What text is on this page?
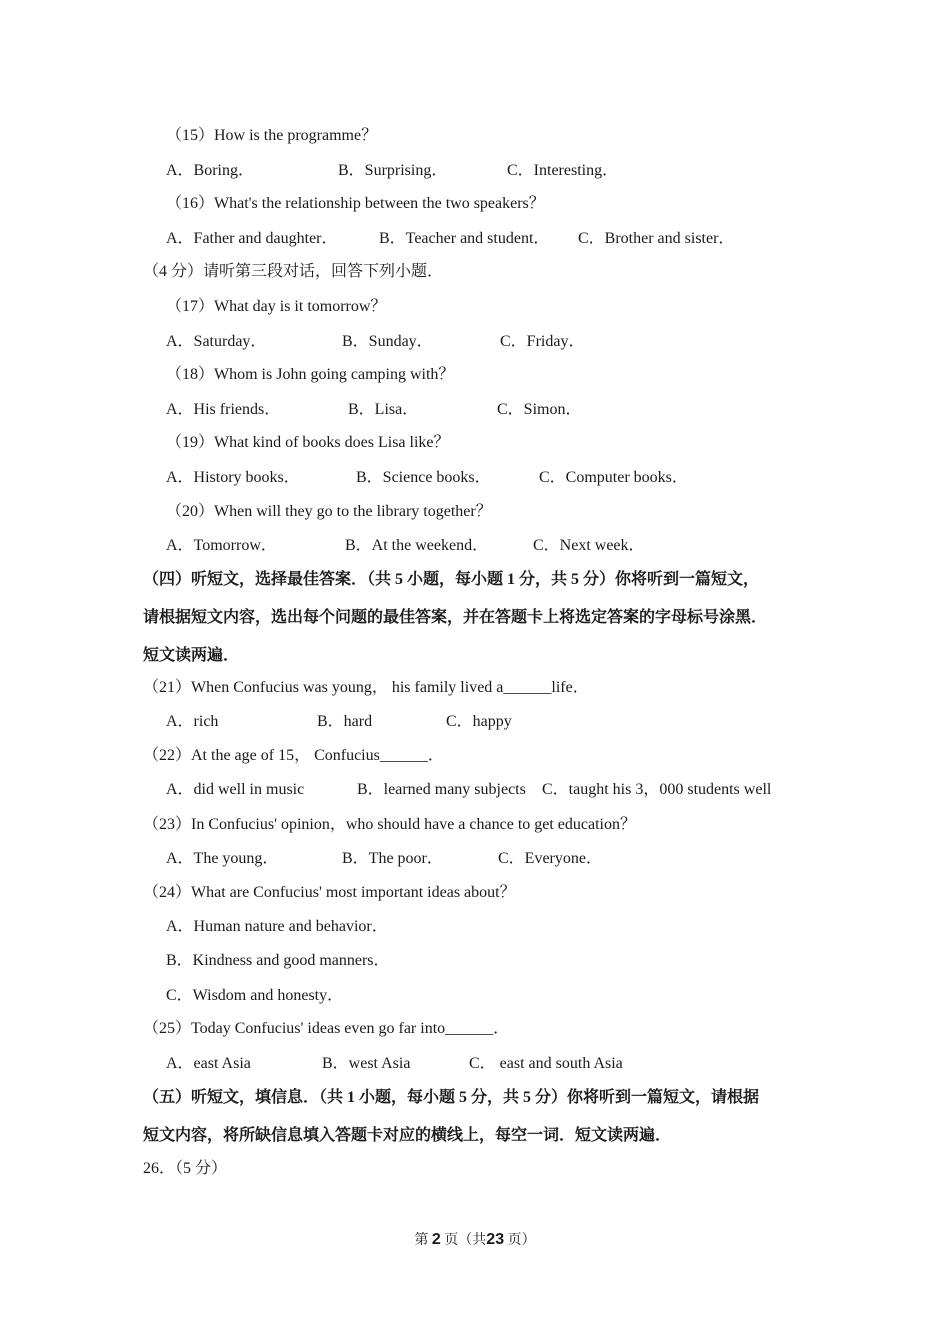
（15）How is the programme？
A．Boring．	B．Surprising．	C．Interesting．
（16）What's the relationship between the two speakers？
A．Father and daughter．	B．Teacher and student． C．Brother and sister．
（4 分）请听第三段对话，回答下列小题．
（17）What day is it tomorrow？
A．Saturday．	B．Sunday．	C．Friday．
（18）Whom is John going camping with？
A．His friends．	B．Lisa．	C．Simon．
（19）What kind of books does Lisa like？
A．History books．	B．Science books．	C．Computer books．
（20）When will they go to the library together？
A．Tomorrow．	B．At the weekend．	C．Next week．
（四）听短文，选择最佳答案．（共 5 小题，每小题 1 分，共 5 分）你将听到一篇短文，
请根据短文内容，选出每个问题的最佳答案，并在答题卡上将选定答案的字母标号涂黑．
短文读两遍．
（21）When Confucius was young， his family lived a______life．
A．rich	B．hard	C．happy
（22）At the age of 15， Confucius______．
A．did well in music	B．learned many subjects C．taught his 3，000 students well
（23）In Confucius' opinion，who should have a chance to get education？
A．The young．	B．The poor．	C．Everyone．
（24）What are Confucius' most important ideas about？
A．Human nature and behavior．
B．Kindness and good manners．
C．Wisdom and honesty．
（25）Today Confucius' ideas even go far into______．
A．east Asia	B．west Asia	C． east and south Asia
（五）听短文，填信息．（共 1 小题，每小题 5 分，共 5 分）你将听到一篇短文，请根据
短文内容，将所缺信息填入答题卡对应的横线上，每空一词．短文读两遍．
26．（5 分）
第 2 页（共23 页）
